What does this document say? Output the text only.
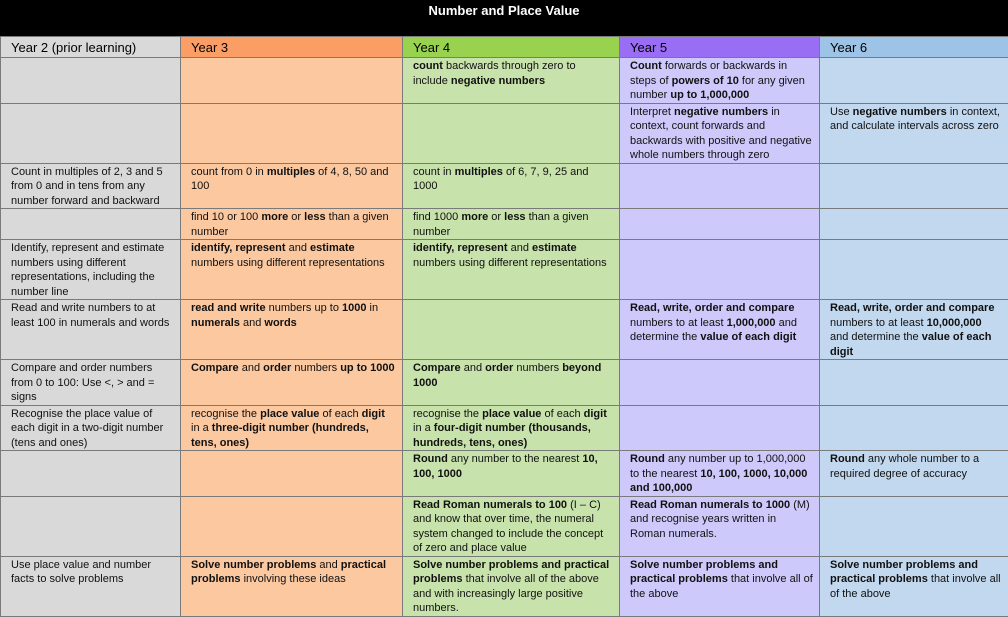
Number and Place Value
Year 2 (prior learning)	Year 3	Year 4	Year 5	Year 6
		count backwards through zero to include negative numbers	Count forwards or backwards in steps of powers of 10 for any given number up to 1,000,000	
			Interpret negative numbers in context, count forwards and backwards with positive and negative whole numbers through zero	Use negative numbers in context, and calculate intervals across zero
Count in multiples of 2, 3 and 5 from 0 and in tens from any number forward and backward	count from 0 in multiples of 4, 8, 50 and 100	count in multiples of 6, 7, 9, 25 and 1000		
	find 10 or 100 more or less than a given number	find 1000 more or less than a given number		
Identify, represent and estimate numbers using different representations, including the number line	identify, represent and estimate numbers using different representations	identify, represent and estimate numbers using different representations		
Read and write numbers to at least 100 in numerals and words	read and write numbers up to 1000 in numerals and words		Read, write, order and compare numbers to at least 1,000,000 and determine the value of each digit	Read, write, order and compare numbers to at least 10,000,000 and determine the value of each digit
Compare and order numbers from 0 to 100: Use <, > and = signs	Compare and order numbers up to 1000	Compare and order numbers beyond 1000		
Recognise the place value of each digit in a two-digit number (tens and ones)	recognise the place value of each digit in a three-digit number (hundreds, tens, ones)	recognise the place value of each digit in a four-digit number (thousands, hundreds, tens, ones)		
		Round any number to the nearest 10, 100, 1000	Round any number up to 1,000,000 to the nearest 10, 100, 1000, 10,000 and 100,000	Round any whole number to a required degree of accuracy
		Read Roman numerals to 100 (I – C) and know that over time, the numeral system changed to include the concept of zero and place value	Read Roman numerals to 1000 (M) and recognise years written in Roman numerals.	
Use place value and number facts to solve problems	Solve number problems and practical problems involving these ideas	Solve number problems and practical problems that involve all of the above and with increasingly large positive numbers.	Solve number problems and practical problems that involve all of the above	Solve number problems and practical problems that involve all of the above
